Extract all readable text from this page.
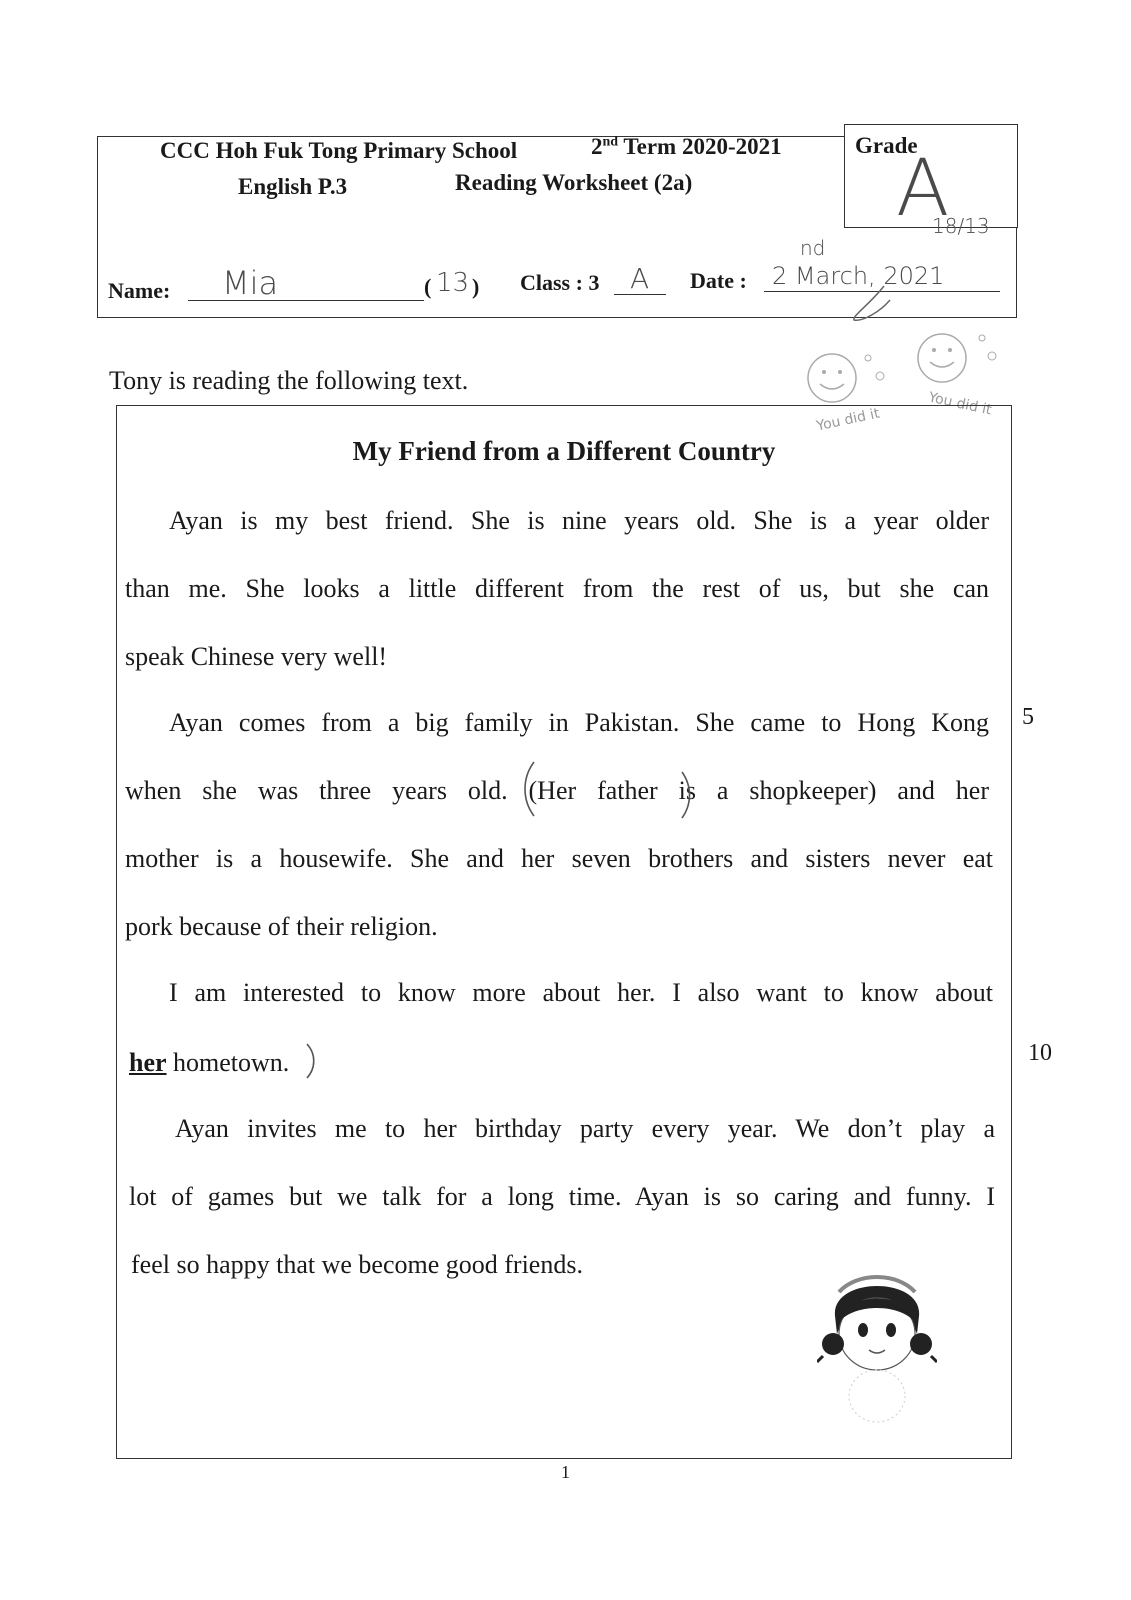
CCC Hoh Fuk Tong Primary School	2nd Term 2020-2021
English P.3	Reading Worksheet (2a)
Grade
A
18/13
Name: Mia	( 13 ) Class : 3 A Date :
nd
2 March, 2021
You did it
You did it
Tony is reading the following text.
My Friend from a Different Country
Ayan is my best friend. She is nine years old. She is a year older
than me. She looks a little different from the rest of us, but she can
speak Chinese very well!
Ayan comes from a big family in Pakistan. She came to Hong Kong
when she was three years old. (Her father is a shopkeeper) and her
mother is a housewife. She and her seven brothers and sisters never eat
pork because of their religion.
I am interested to know more about her. I also want to know about
her hometown.
Ayan invites me to her birthday party every year. We don’t play a
lot of games but we talk for a long time. Ayan is so caring and funny. I
feel so happy that we become good friends.
5
10
1
